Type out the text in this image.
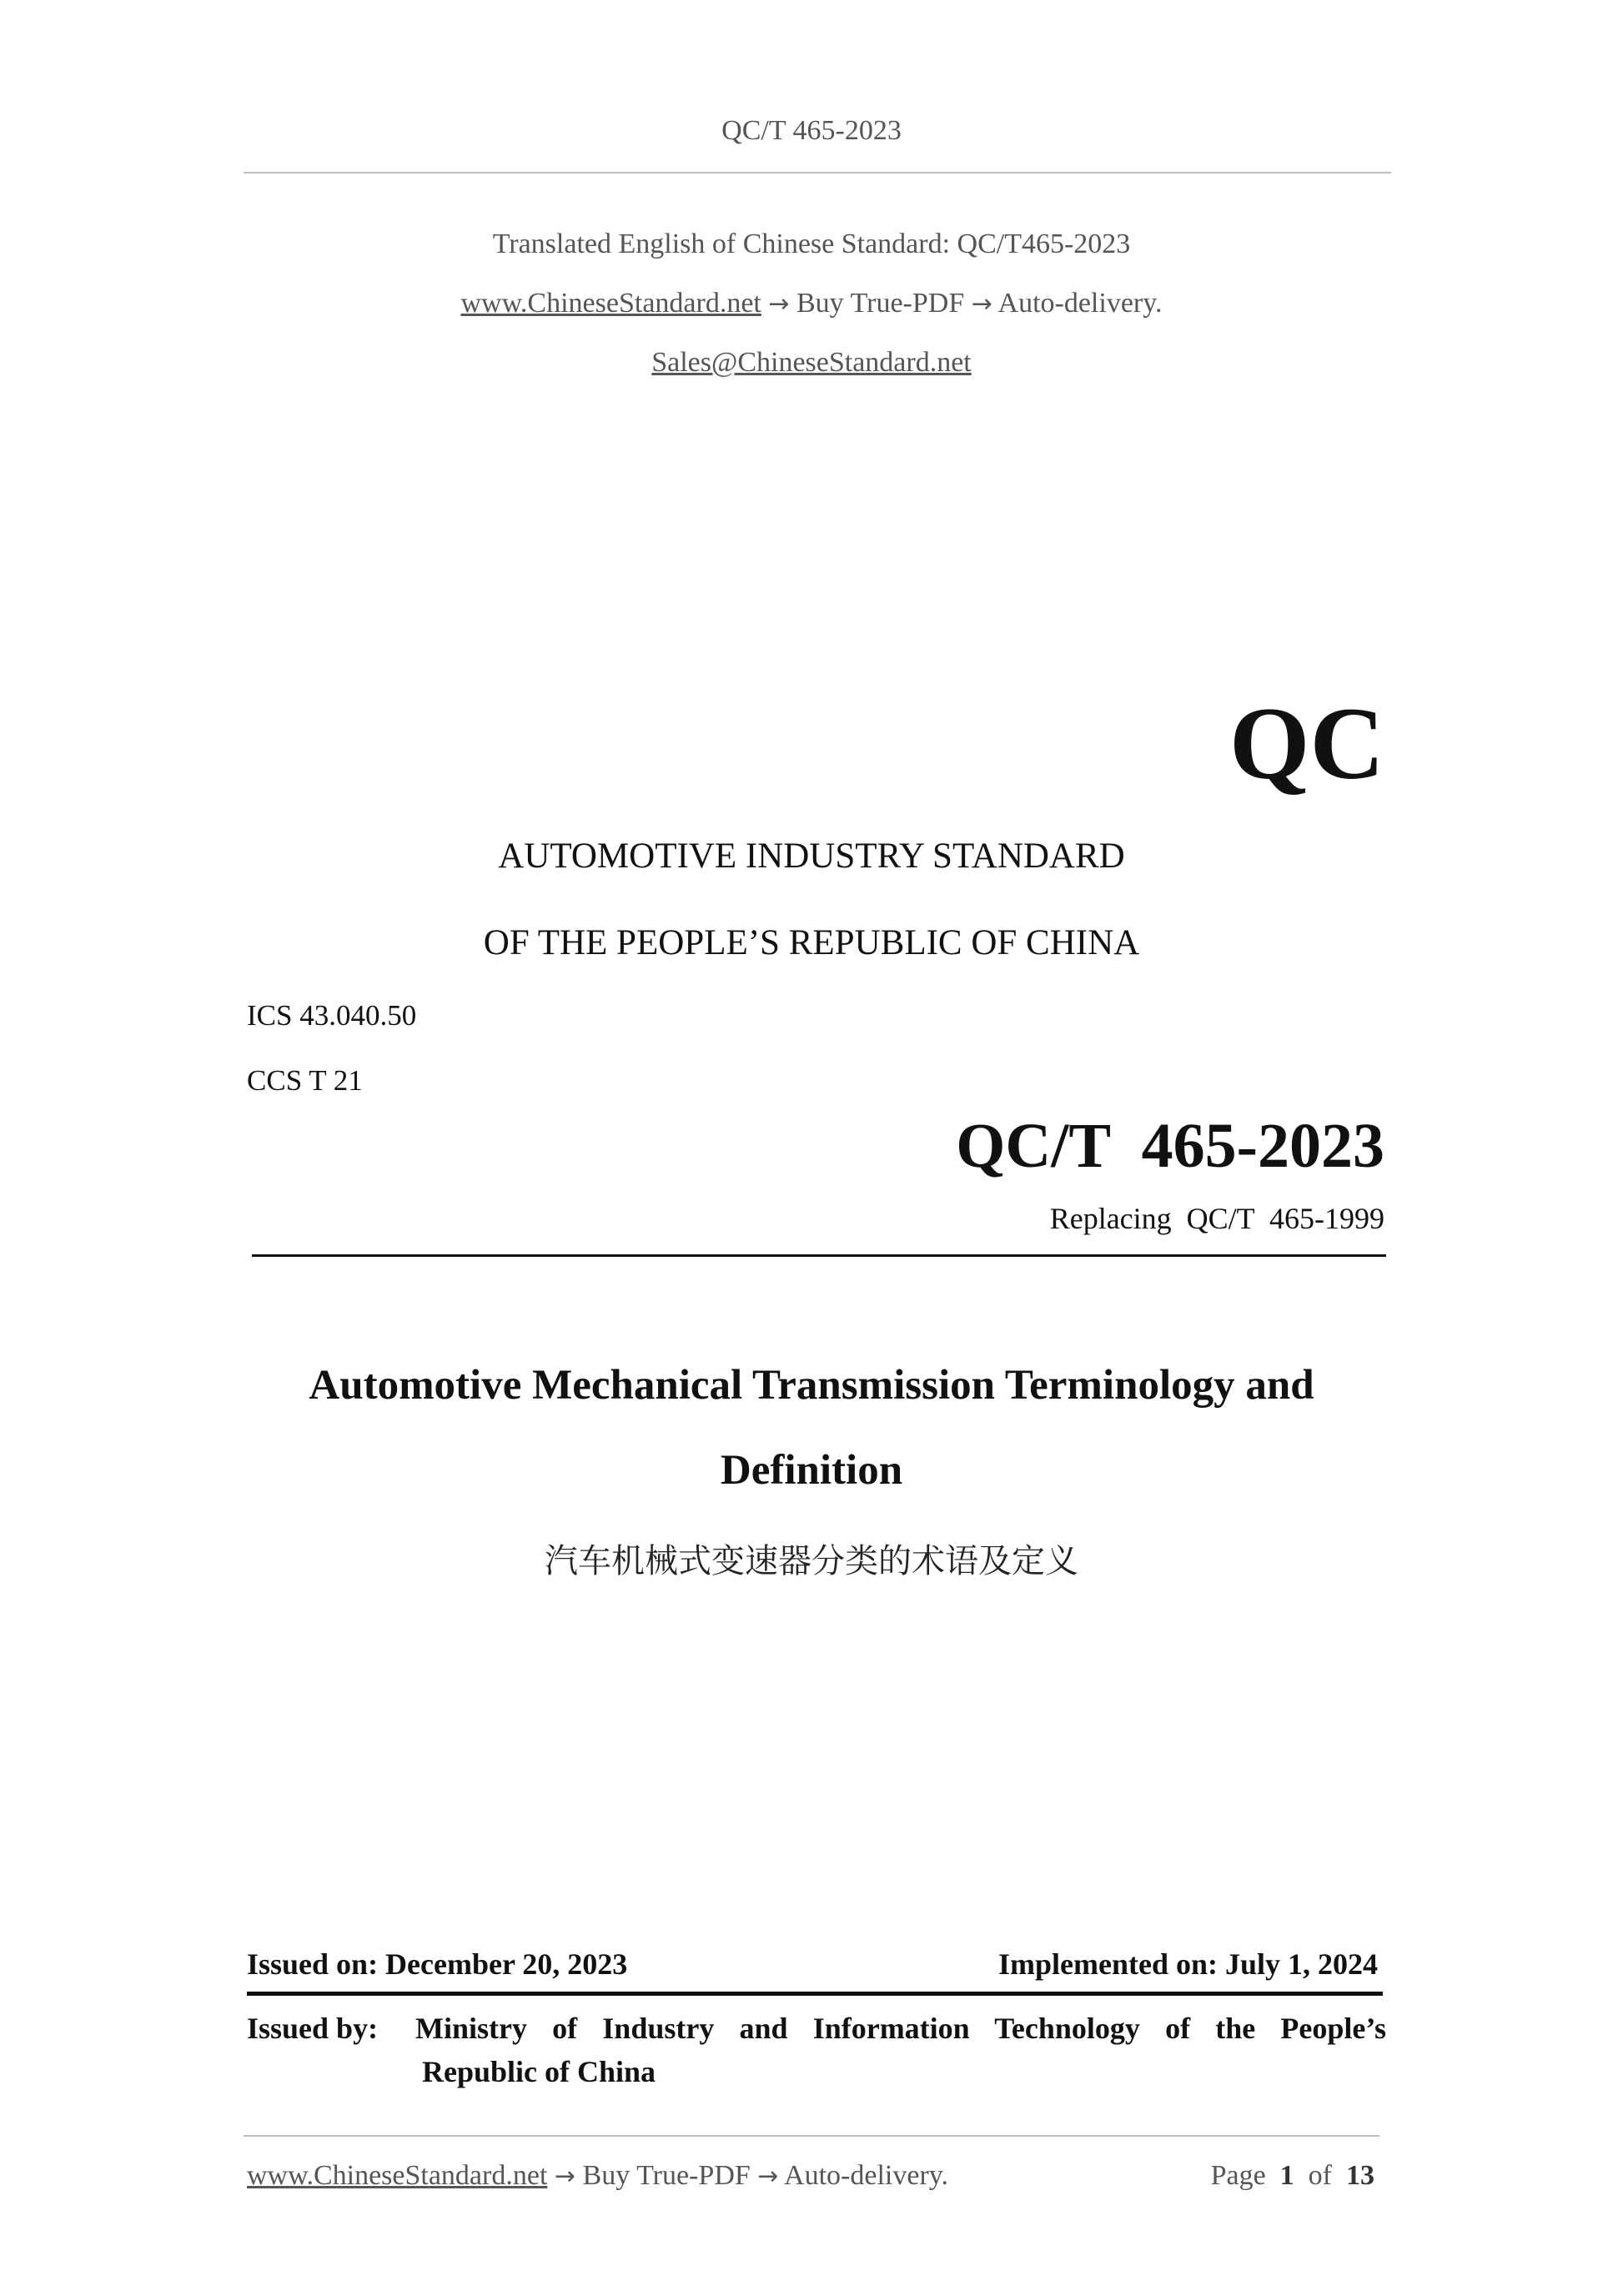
QC/T 465-2023
Translated English of Chinese Standard: QC/T465-2023
www.ChineseStandard.net → Buy True-PDF → Auto-delivery.
Sales@ChineseStandard.net
QC
AUTOMOTIVE INDUSTRY STANDARD
OF THE PEOPLE’S REPUBLIC OF CHINA
ICS 43.040.50
CCS T 21
QC/T  465-2023
Replacing  QC/T  465-1999
Automotive Mechanical Transmission Terminology and
Definition
汽车机械式变速器分类的术语及定义
Issued on: December 20, 2023	Implemented on: July 1, 2024
Issued by:	Ministry of Industry and Information Technology of the People’s
Republic of China
www.ChineseStandard.net → Buy True-PDF → Auto-delivery.	Page 1 of 13
